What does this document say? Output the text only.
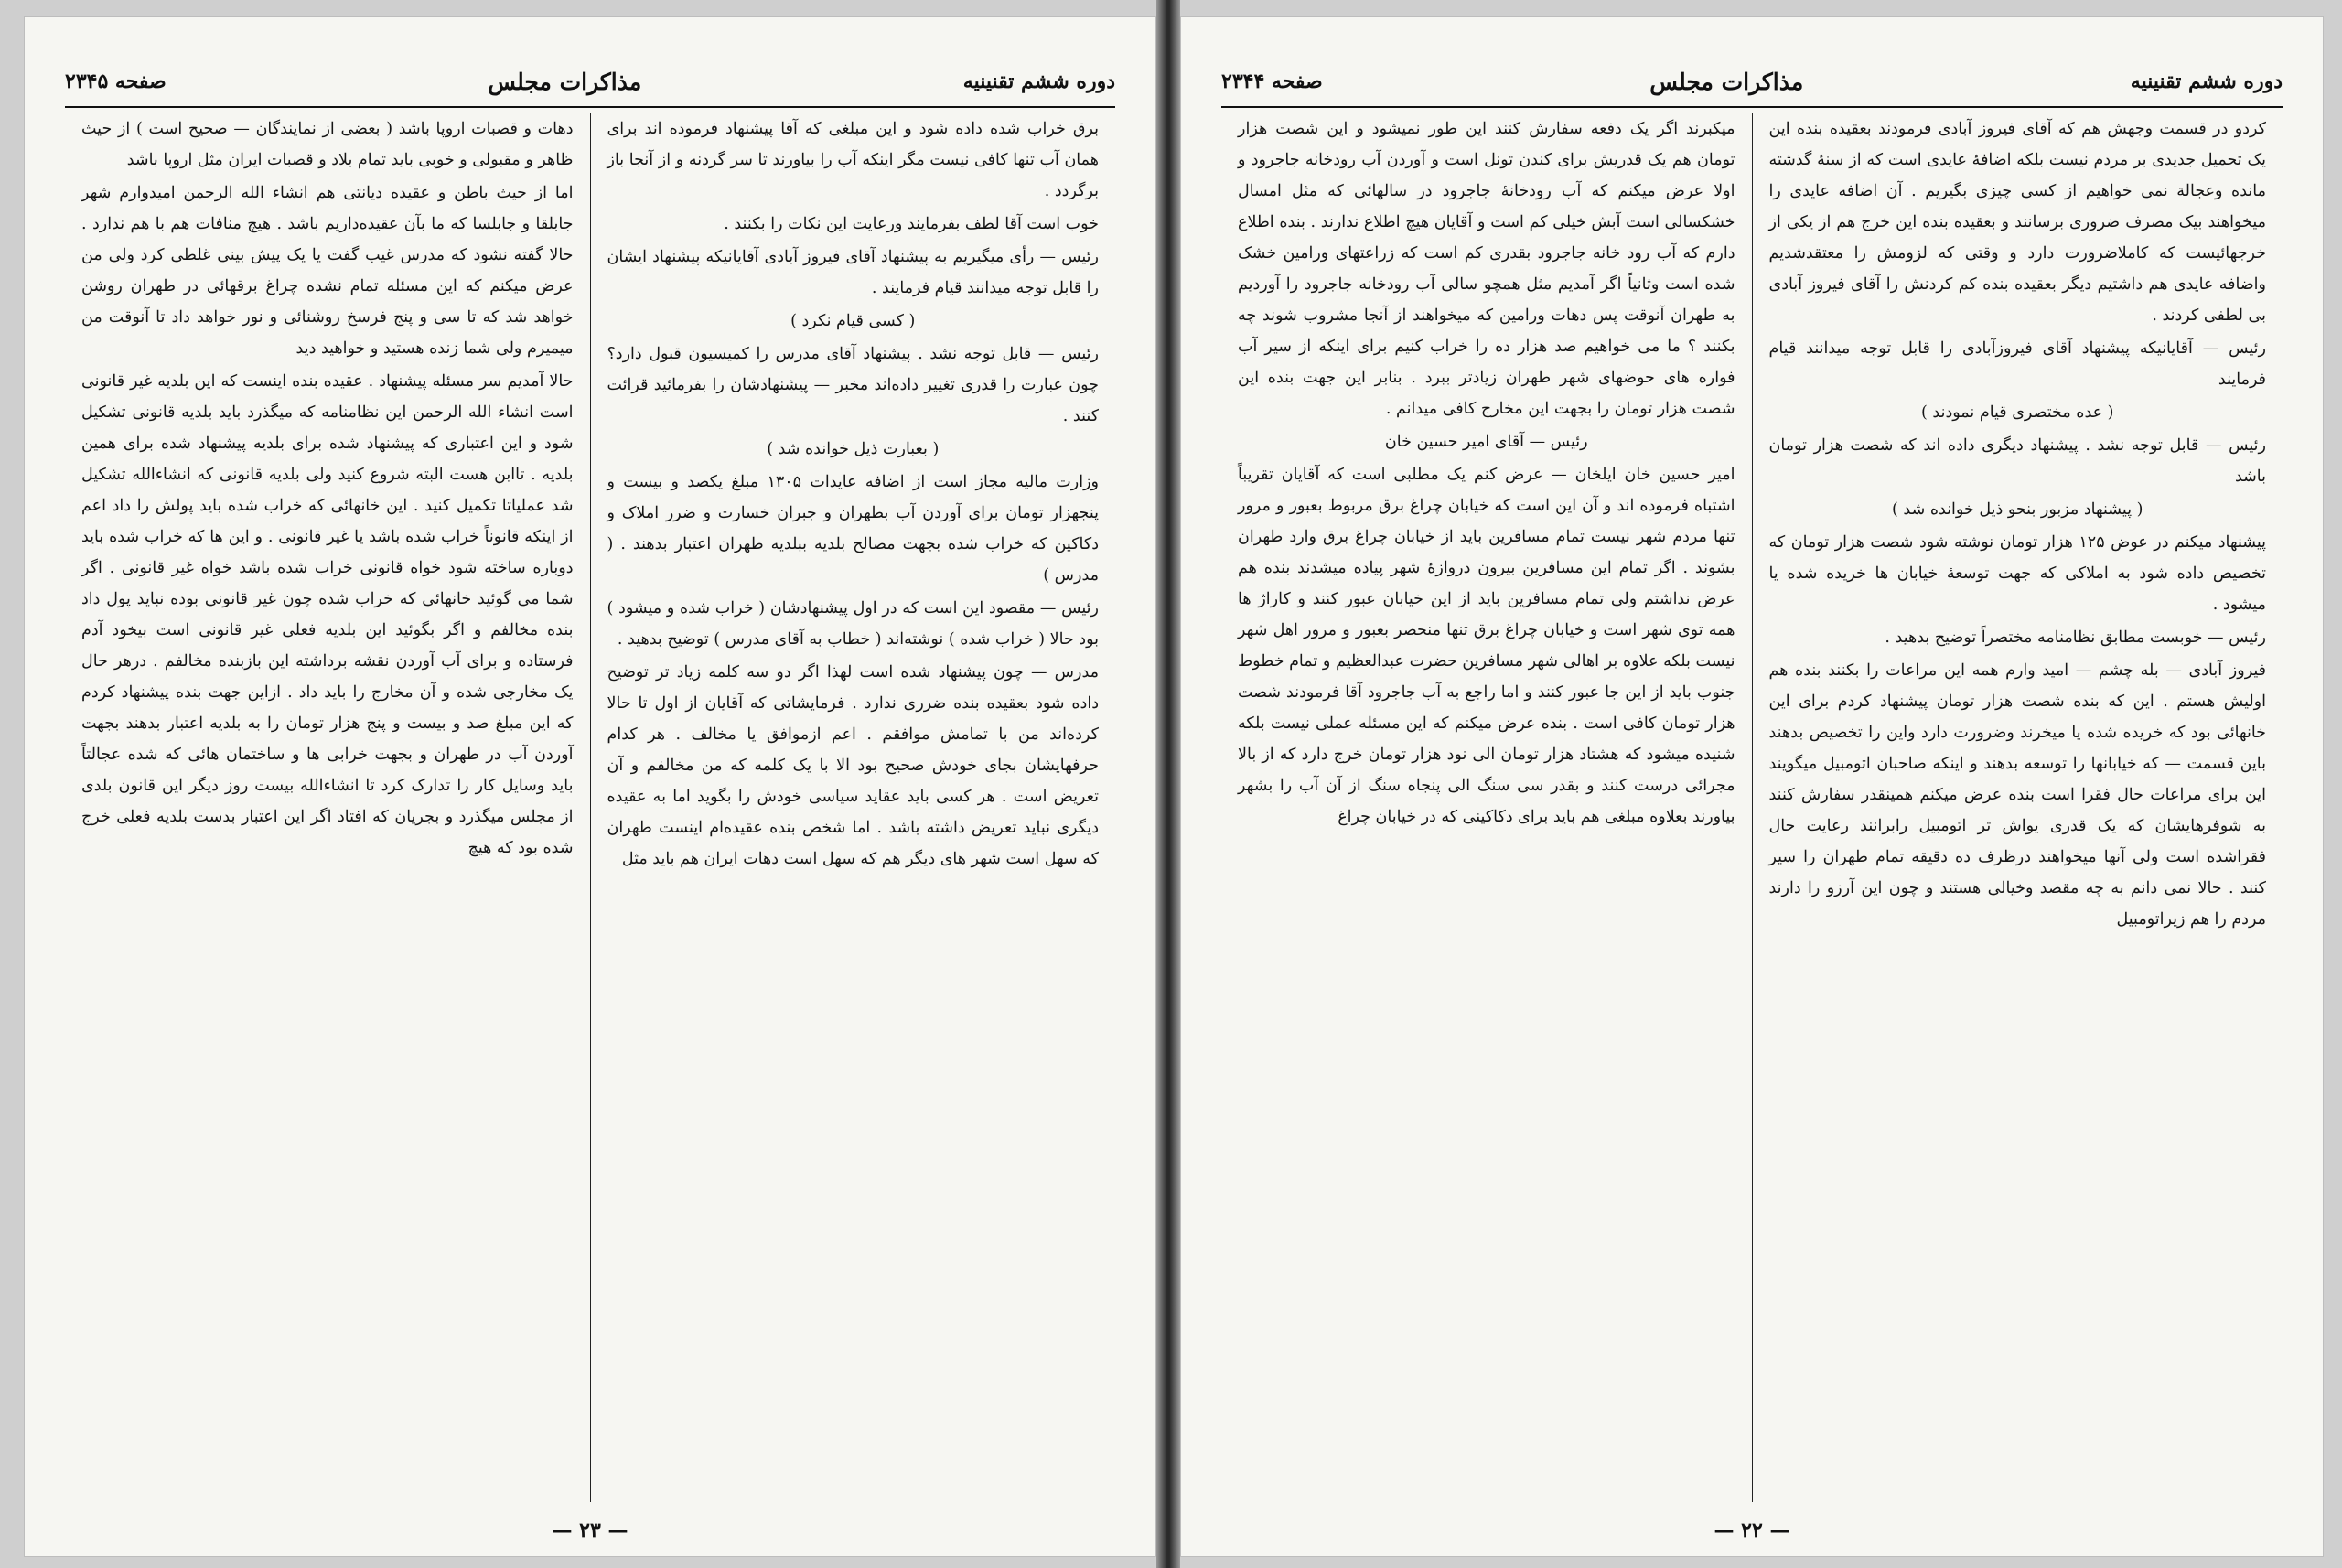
دوره ششم تقنینیه
مذاکرات مجلس
صفحه ۲۳۴۵

برق خراب شده داده شود و این مبلغی که آقا پیشنهاد فرموده اند برای همان آب تنها کافی نیست مگر اینکه آب را بیاورند تا سر گردنه و از آنجا باز برگردد .

خوب است آقا لطف بفرمایند ورعایت این نکات را بکنند .

رئیس — رأی میگیریم به پیشنهاد آقای فیروز آبادی آقایانیکه پیشنهاد ایشان را قابل توجه میدانند قیام فرمایند .

( کسی قیام نکرد )

رئیس — قابل توجه نشد . پیشنهاد آقای مدرس را کمیسیون قبول دارد؟ چون عبارت را قدری تغییر داده‌اند مخبر — پیشنهادشان را بفرمائید قرائت کنند .

( بعبارت ذیل خوانده شد )

وزارت مالیه مجاز است از اضافه عایدات ۱۳۰۵ مبلغ یکصد و بیست و پنجهزار تومان برای آوردن آب بطهران و جبران خسارت و ضرر املاک و دکاکین که خراب شده بجهت مصالح بلدیه ببلدیه طهران اعتبار بدهند . ( مدرس )

رئیس — مقصود این است که در اول پیشنهادشان ( خراب شده و میشود ) بود حالا ( خراب شده ) نوشته‌اند ( خطاب به آقای مدرس ) توضیح بدهید .

مدرس — چون پیشنهاد شده است لهذا اگر دو سه کلمه زیاد تر توضیح داده شود بعقیده بنده ضرری ندارد . فرمایشاتی که آقایان از اول تا حالا کرده‌اند من با تمامش موافقم . اعم ازموافق یا مخالف . هر کدام حرفهایشان بجای خودش صحیح بود الا با یک کلمه که من مخالفم و آن تعریض است . هر کسی باید عقاید سیاسی خودش را بگوید اما به عقیده دیگری نباید تعریض داشته باشد . اما شخص بنده عقیده‌ام اینست طهران که سهل است شهر های دیگر هم که سهل است دهات ایران هم باید مثل

دهات و قصبات اروپا باشد ( بعضی از نمایندگان — صحیح است ) از حیث ظاهر و مقبولی و خوبی باید تمام بلاد و قصبات ایران مثل اروپا باشد

اما از حیث باطن و عقیده دیانتی هم انشاء الله الرحمن امیدوارم شهر جابلقا و جابلسا که ما بآن عقیده‌داریم باشد . هیچ منافات هم با هم ندارد . حالا گفته نشود که مدرس غیب گفت یا یک پیش بینی غلطی کرد ولی من عرض میکنم که این مسئله تمام نشده چراغ برقهائی در طهران روشن خواهد شد که تا سی و پنج فرسخ روشنائی و نور خواهد داد تا آنوقت من میمیرم ولی شما زنده هستید و خواهید دید

حالا آمدیم سر مسئله پیشنهاد . عقیده بنده اینست که این بلدیه غیر قانونی است انشاء الله الرحمن این نظامنامه که میگذرد باید بلدیه قانونی تشکیل شود و این اعتباری که پیشنهاد شده برای بلدیه پیشنهاد شده برای همین بلدیه . تاابن هست البته شروع کنید ولی بلدیه قانونی که انشاءالله تشکیل شد عملیاتا تکمیل کنید . این خانهائی که خراب شده باید پولش را داد اعم از اینکه قانوناً خراب شده باشد یا غیر قانونی . و این ها که خراب شده باید دوباره ساخته شود خواه قانونی خراب شده باشد خواه غیر قانونی . اگر شما می گوئید خانهائی که خراب شده چون غیر قانونی بوده نباید پول داد بنده مخالفم و اگر بگوئید این بلدیه فعلی غیر قانونی است بیخود آدم فرستاده و برای آب آوردن نقشه برداشته این بازبنده مخالفم . درهر حال یک مخارجی شده و آن مخارج را باید داد . ازاین جهت بنده پیشنهاد کردم که این مبلغ صد و بیست و پنج هزار تومان را به بلدیه اعتبار بدهند بجهت آوردن آب در طهران و بجهت خرابی ها و ساختمان هائی که شده عجالتاً باید وسایل کار را تدارک کرد تا انشاءالله بیست روز دیگر این قانون بلدی از مجلس میگذرد و بجریان که افتاد اگر این اعتبار بدست بلدیه فعلی خرج شده بود که هیچ

— ۲۳ —
دوره ششم تقنینیه
مذاکرات مجلس
صفحه ۲۳۴۴

کردو در قسمت وجهش هم که آقای فیروز آبادی فرمودند بعقیده بنده این یک تحمیل جدیدی بر مردم نیست بلکه اضافهٔ عایدی است که از سنهٔ گذشته مانده وعجالة نمی خواهیم از کسی چیزی بگیریم . آن اضافه عایدی را میخواهند بیک مصرف ضروری برسانند و بعقیده بنده این خرج هم از یکی از خرجهائیست که کاملاضرورت دارد و وقتی که لزومش را معتقدشدیم واضافه عایدی هم داشتیم دیگر بعقیده بنده کم کردنش را آقای فیروز آبادی بی لطفی کردند .

رئیس — آقایانیکه پیشنهاد آقای فیروزآبادی را قابل توجه میدانند قیام فرمایند

( عده مختصری قیام نمودند )

رئیس — قابل توجه نشد . پیشنهاد دیگری داده اند که شصت هزار تومان باشد

( پیشنهاد مزبور بنحو ذیل خوانده شد )

پیشنهاد میکنم در عوض ۱۲۵ هزار تومان نوشته شود شصت هزار تومان که تخصیص داده شود به املاکی که جهت توسعهٔ خیابان ها خریده شده یا میشود .

رئیس — خوبست مطابق نظامنامه مختصراً توضیح بدهید .

فیروز آبادی — بله چشم — امید وارم همه این مراعات را بکنند بنده هم اولیش هستم . این که بنده شصت هزار تومان پیشنهاد کردم برای این خانهائی بود که خریده شده یا میخرند وضرورت دارد واین را تخصیص بدهند باین قسمت — که خیابانها را توسعه بدهند و اینکه صاحبان اتومبیل میگویند این برای مراعات حال فقرا است بنده عرض میکنم همینقدر سفارش کنند به شوفرهایشان که یک قدری یواش تر اتومبیل رابرانند رعایت حال فقراشده است ولی آنها میخواهند درظرف ده دقیقه تمام طهران را سیر کنند . حالا نمی دانم به چه مقصد وخیالی هستند و چون این آرزو را دارند مردم را هم زیراتومبیل

میکبرند اگر یک دفعه سفارش کنند این طور نمیشود و این شصت هزار تومان هم یک قدریش برای کندن تونل است و آوردن آب رودخانه جاجرود و اولا عرض میکنم که آب رودخانهٔ جاجرود در سالهائی که مثل امسال خشکسالی است آبش خیلی کم است و آقایان هیچ اطلاع ندارند . بنده اطلاع دارم که آب رود خانه جاجرود بقدری کم است که زراعتهای ورامین خشک شده است وثانیاً اگر آمدیم مثل همچو سالی آب رودخانه جاجرود را آوردیم به طهران آنوقت پس دهات ورامین که میخواهند از آنجا مشروب شوند چه بکنند ؟ ما می خواهیم صد هزار ده را خراب کنیم برای اینکه از سیر آب فواره های حوضهای شهر طهران زیادتر ببرد . بنابر این جهت بنده این شصت هزار تومان را بجهت این مخارج کافی میدانم .

رئیس — آقای امیر حسین خان

امیر حسین خان ایلخان — عرض کنم یک مطلبی است که آقایان تقریباً اشتباه فرموده اند و آن این است که خیابان چراغ برق مربوط بعبور و مرور تنها مردم شهر نیست تمام مسافرین باید از خیابان چراغ برق وارد طهران بشوند . اگر تمام این مسافرین بیرون دروازهٔ شهر پیاده میشدند بنده هم عرض نداشتم ولی تمام مسافرین باید از این خیابان عبور کنند و کاراژ ها همه توی شهر است و خیابان چراغ برق تنها منحصر بعبور و مرور اهل شهر نیست بلکه علاوه بر اهالی شهر مسافرین حضرت عبدالعظیم و تمام خطوط جنوب باید از این جا عبور کنند و اما راجع به آب جاجرود آقا فرمودند شصت هزار تومان کافی است . بنده عرض میکنم که این مسئله عملی نیست بلکه شنیده میشود که هشتاد هزار تومان الی نود هزار تومان خرج دارد که از بالا مجرائی درست کنند و بقدر سی سنگ الی پنجاه سنگ از آن آب را بشهر بیاورند بعلاوه مبلغی هم باید برای دکاکینی که در خیابان چراغ

— ۲۲ —
